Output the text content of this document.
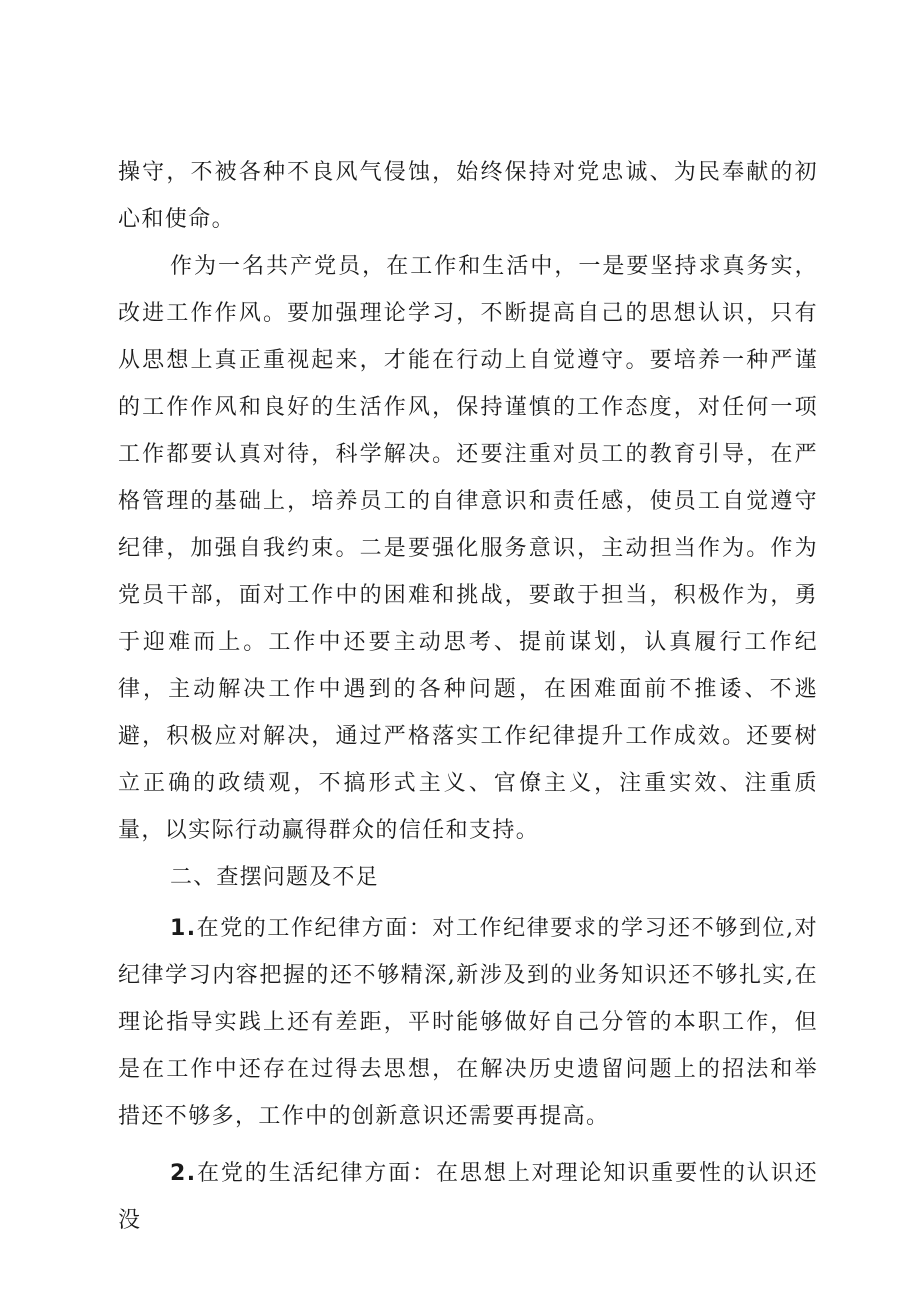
操守，不被各种不良风气侵蚀，始终保持对党忠诚、为民奉献的初心和使命。

作为一名共产党员，在工作和生活中，一是要坚持求真务实，改进工作作风。要加强理论学习，不断提高自己的思想认识，只有从思想上真正重视起来，才能在行动上自觉遵守。要培养一种严谨的工作作风和良好的生活作风，保持谨慎的工作态度，对任何一项工作都要认真对待，科学解决。还要注重对员工的教育引导，在严格管理的基础上，培养员工的自律意识和责任感，使员工自觉遵守纪律，加强自我约束。二是要强化服务意识，主动担当作为。作为党员干部，面对工作中的困难和挑战，要敢于担当，积极作为，勇于迎难而上。工作中还要主动思考、提前谋划，认真履行工作纪律，主动解决工作中遇到的各种问题，在困难面前不推诿、不逃避，积极应对解决，通过严格落实工作纪律提升工作成效。还要树立正确的政绩观，不搞形式主义、官僚主义，注重实效、注重质量，以实际行动赢得群众的信任和支持。

二、查摆问题及不足

1.在党的工作纪律方面：对工作纪律要求的学习还不够到位,对纪律学习内容把握的还不够精深,新涉及到的业务知识还不够扎实,在理论指导实践上还有差距，平时能够做好自己分管的本职工作，但是在工作中还存在过得去思想，在解决历史遗留问题上的招法和举措还不够多，工作中的创新意识还需要再提高。

2.在党的生活纪律方面：在思想上对理论知识重要性的认识还没
